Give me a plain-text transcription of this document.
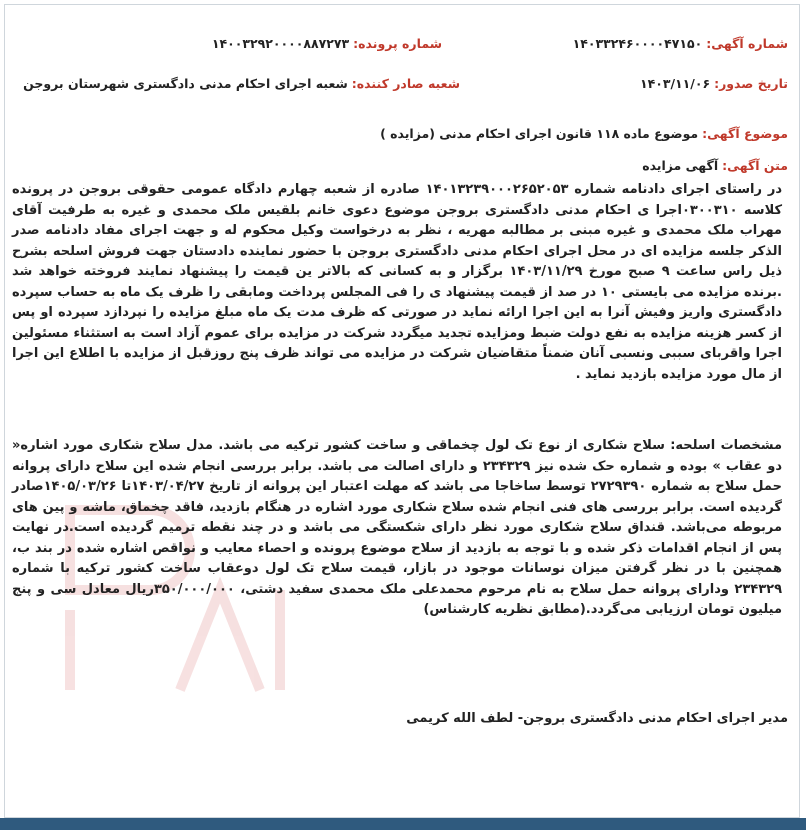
شماره آگهی: ۱۴۰۳۳۲۴۶۰۰۰۰۴۷۱۵۰
شماره پرونده: ۱۴۰۰۳۲۹۲۰۰۰۰۸۸۷۲۷۳
تاریخ صدور: ۱۴۰۳/۱۱/۰۶
شعبه صادر کننده: شعبه اجرای احکام مدنی دادگستری شهرستان بروجن
موضوع آگهی: موضوع ماده ۱۱۸ قانون اجرای احکام مدنی (مزایده )
متن آگهی: آگهی مزایده
در راستای اجرای دادنامه شماره ۱۴۰۱۳۲۳۹۰۰۰۲۶۵۲۰۵۳ صادره از شعبه چهارم دادگاه عمومی حقوقی بروجن در پرونده کلاسه ۰۳۰۰۳۱۰اجرا ی احکام مدنی دادگستری بروجن موضوع دعوی خانم بلقیس ملک محمدی و غیره به طرفیت آقای مهراب ملک محمدی و غیره مبنی بر مطالبه مهریه ، نظر به درخواست وکیل محکوم له و جهت اجرای مفاد دادنامه صدر الذکر جلسه مزایده ای در محل اجرای احکام مدنی دادگستری بروجن با حضور نماینده دادستان جهت فروش اسلحه بشرح ذیل راس ساعت ۹ صبح مورخ ۱۴۰۳/۱۱/۲۹ برگزار و به کسانی که بالاتر ین قیمت را پیشنهاد نمایند فروخته خواهد شد .برنده مزایده می بایستی ۱۰ در صد از قیمت پیشنهاد ی را فی المجلس پرداخت ومابقی را ظرف یک ماه به حساب سپرده دادگستری واریز وفیش آنرا به این اجرا ارائه نماید در صورتی که ظرف مدت یک ماه مبلغ مزایده را نپردازد سپرده او پس از کسر هزینه مزایده به نفع دولت ضبط ومزایده تجدید میگردد شرکت در مزایده برای عموم آزاد است به استثناء مسئولین اجرا واقربای سببی ونسبی آنان ضمناً متقاضیان شرکت در مزایده می تواند ظرف پنج روزقبل از مزایده با اطلاع این اجرا از مال مورد مزایده بازدید نماید .
مشخصات اسلحه: سلاح شکاری از نوع تک لول چخماقی و ساخت کشور ترکیه می باشد. مدل سلاح شکاری مورد اشاره« دو عقاب » بوده و شماره حک شده نیز ۲۳۴۳۲۹ و دارای اصالت می باشد. برابر بررسی انجام شده این سلاح دارای پروانه حمل سلاح به شماره ۲۷۲۹۳۹۰ توسط ساخاجا می باشد که مهلت اعتبار این پروانه از تاریخ ۱۴۰۳/۰۴/۲۷تا ۱۴۰۵/۰۳/۲۶صادر گردیده است. برابر بررسی های فنی انجام شده سلاح شکاری مورد اشاره در هنگام بازدید، فاقد چخماق، ماشه و پین های مربوطه می‌باشد. قنداق سلاح شکاری مورد نظر دارای شکستگی می باشد و در چند نقطه ترمیم گردیده است.در نهایت پس از انجام اقدامات ذکر شده و با توجه به بازدید از سلاح موضوع پرونده و احصاء معایب و نواقص اشاره شده در بند ب، همچنین با در نظر گرفتن میزان نوسانات موجود در بازار، قیمت سلاح تک لول دوعقاب ساخت کشور ترکیه با شماره ۲۳۴۳۲۹ ودارای پروانه حمل سلاح به نام مرحوم محمدعلی ملک محمدی سفید دشتی، ۳۵۰/۰۰۰/۰۰۰ریال معادل سی و پنج میلیون تومان ارزیابی می‌گردد.(مطابق نظریه کارشناس)
مدیر اجرای احکام مدنی دادگستری بروجن- لطف الله کریمی
